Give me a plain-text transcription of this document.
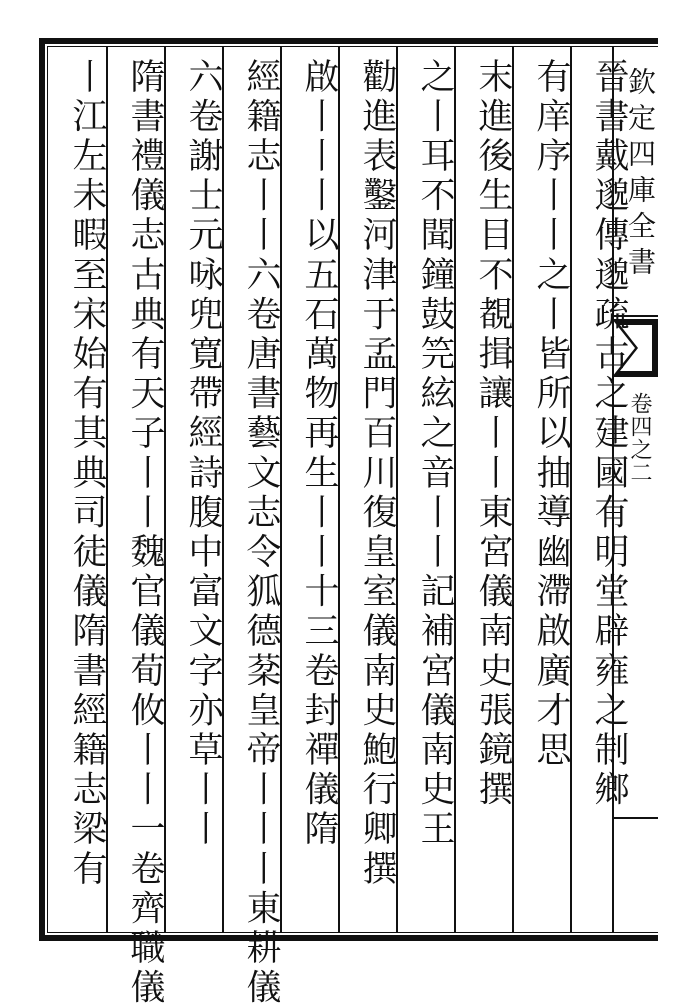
欽定四庫全書
卷四之二

晉書戴邈傳邈疏古之建國有明堂辟雍之制鄉

有庠序丨丨之丨皆所以抽導幽滯啟廣才思

末進後生目不覩揖讓丨丨東宮儀南史張鏡撰

之丨耳不聞鐘鼓笎絃之音丨丨記補宮儀南史王

勸進表鑿河津于孟門百川復皇室儀南史鮑行卿撰

啟丨丨丨以五石萬物再生丨丨十三卷封禪儀隋

經籍志丨丨六卷唐書藝文志令狐德棻皇帝丨丨丨東耕儀

六卷謝士元咏兜寛帶經詩腹中富文字亦草丨丨

隋書禮儀志古典有天子丨丨魏官儀荀攸丨丨一卷齊職儀

丨江左未暇至宋始有其典司徒儀隋書經籍志梁有
